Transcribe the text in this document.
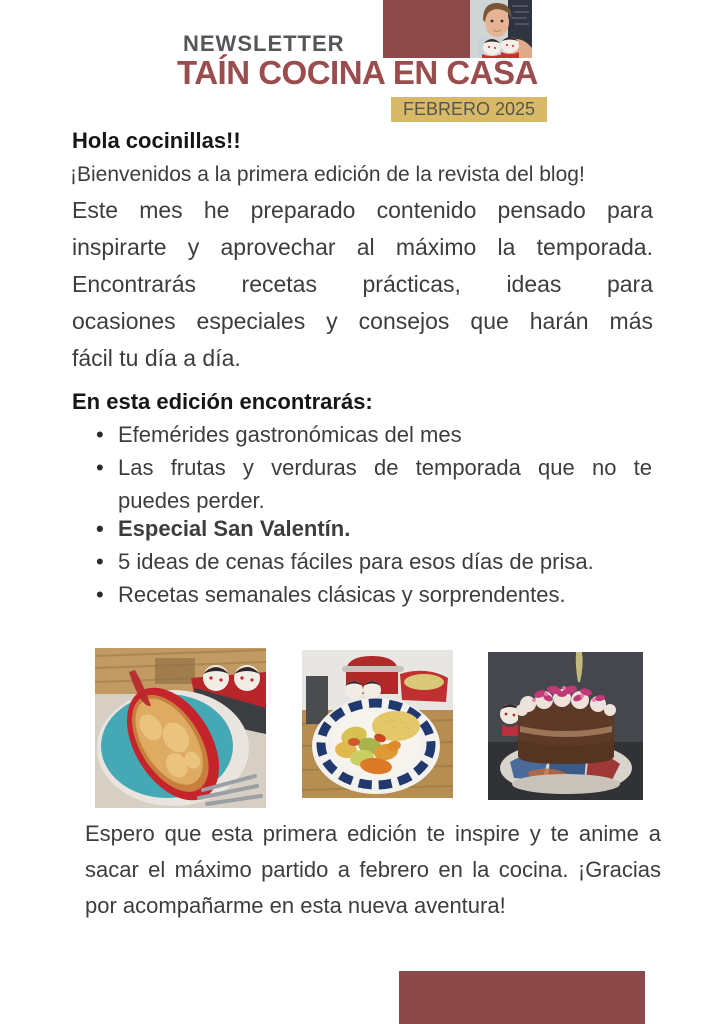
NEWSLETTER
TAÍN COCINA EN CASA
FEBRERO 2025
Hola cocinillas!!
¡Bienvenidos a la primera edición de la revista del blog!
Este mes he preparado contenido pensado para
inspirarte y aprovechar al máximo la temporada.
Encontrarás recetas prácticas, ideas para
ocasiones especiales y consejos que harán más
fácil tu día a día.
En esta edición encontrarás:
• Efemérides gastronómicas del mes
• Las frutas y verduras de temporada que no te
puedes perder.
• Especial San Valentín.
• 5 ideas de cenas fáciles para esos días de prisa.
• Recetas semanales clásicas y sorprendentes.
Espero que esta primera edición te inspire y te anime a
sacar el máximo partido a febrero en la cocina. ¡Gracias
por acompañarme en esta nueva aventura!
